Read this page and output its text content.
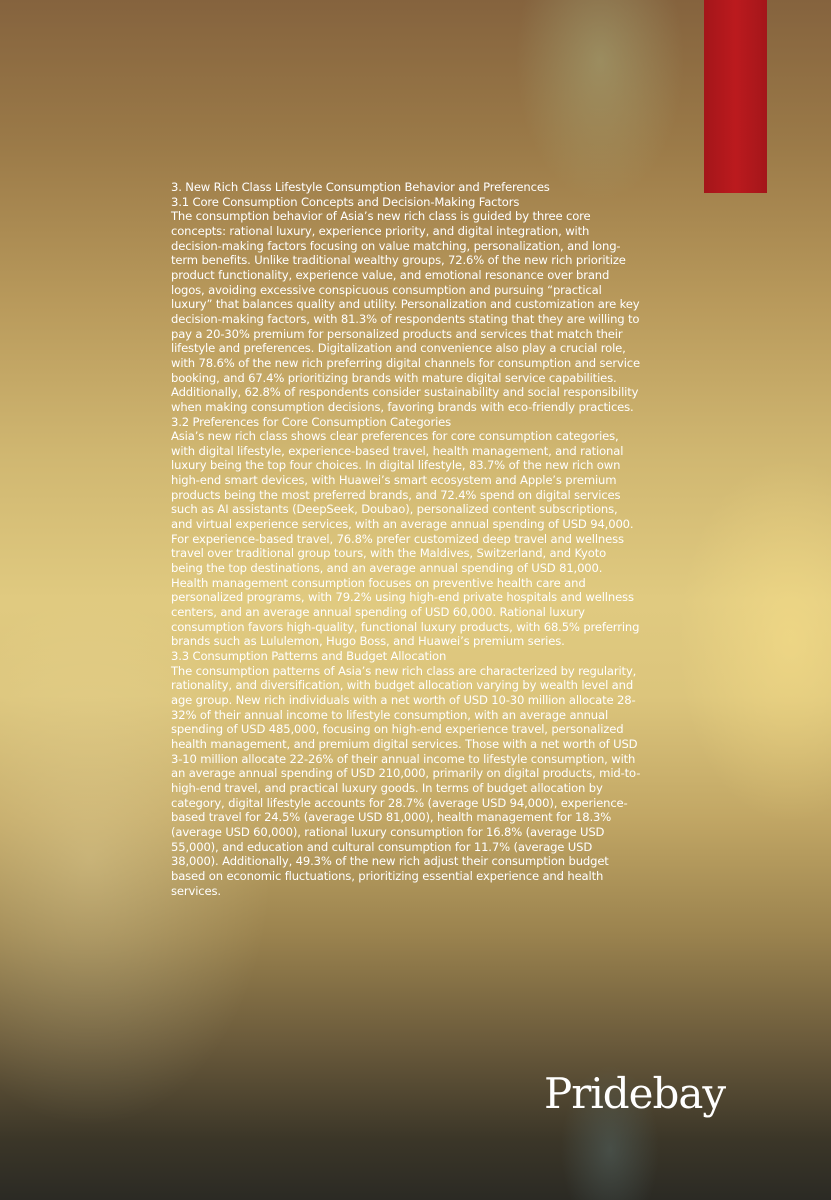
3. New Rich Class Lifestyle Consumption Behavior and Preferences
3.1 Core Consumption Concepts and Decision-Making Factors

The consumption behavior of Asia’s new rich class is guided by three core concepts: rational luxury, experience priority, and digital integration, with decision-making factors focusing on value matching, personalization, and long-term benefits. Unlike traditional wealthy groups, 72.6% of the new rich prioritize product functionality, experience value, and emotional resonance over brand logos, avoiding excessive conspicuous consumption and pursuing “practical luxury” that balances quality and utility. Personalization and customization are key decision-making factors, with 81.3% of respondents stating that they are willing to pay a 20-30% premium for personalized products and services that match their lifestyle and preferences. Digitalization and convenience also play a crucial role, with 78.6% of the new rich preferring digital channels for consumption and service booking, and 67.4% prioritizing brands with mature digital service capabilities. Additionally, 62.8% of respondents consider sustainability and social responsibility when making consumption decisions, favoring brands with eco-friendly practices.

3.2 Preferences for Core Consumption Categories

Asia’s new rich class shows clear preferences for core consumption categories, with digital lifestyle, experience-based travel, health management, and rational luxury being the top four choices. In digital lifestyle, 83.7% of the new rich own high-end smart devices, with Huawei’s smart ecosystem and Apple’s premium products being the most preferred brands, and 72.4% spend on digital services such as AI assistants (DeepSeek, Doubao), personalized content subscriptions, and virtual experience services, with an average annual spending of USD 94,000. For experience-based travel, 76.8% prefer customized deep travel and wellness travel over traditional group tours, with the Maldives, Switzerland, and Kyoto being the top destinations, and an average annual spending of USD 81,000. Health management consumption focuses on preventive health care and personalized programs, with 79.2% using high-end private hospitals and wellness centers, and an average annual spending of USD 60,000. Rational luxury consumption favors high-quality, functional luxury products, with 68.5% preferring brands such as Lululemon, Hugo Boss, and Huawei’s premium series.

3.3 Consumption Patterns and Budget Allocation

The consumption patterns of Asia’s new rich class are characterized by regularity, rationality, and diversification, with budget allocation varying by wealth level and age group. New rich individuals with a net worth of USD 10-30 million allocate 28-32% of their annual income to lifestyle consumption, with an average annual spending of USD 485,000, focusing on high-end experience travel, personalized health management, and premium digital services. Those with a net worth of USD 3-10 million allocate 22-26% of their annual income to lifestyle consumption, with an average annual spending of USD 210,000, primarily on digital products, mid-to-high-end travel, and practical luxury goods. In terms of budget allocation by category, digital lifestyle accounts for 28.7% (average USD 94,000), experience-based travel for 24.5% (average USD 81,000), health management for 18.3% (average USD 60,000), rational luxury consumption for 16.8% (average USD 55,000), and education and cultural consumption for 11.7% (average USD 38,000). Additionally, 49.3% of the new rich adjust their consumption budget based on economic fluctuations, prioritizing essential experience and health services.

Pridebay
